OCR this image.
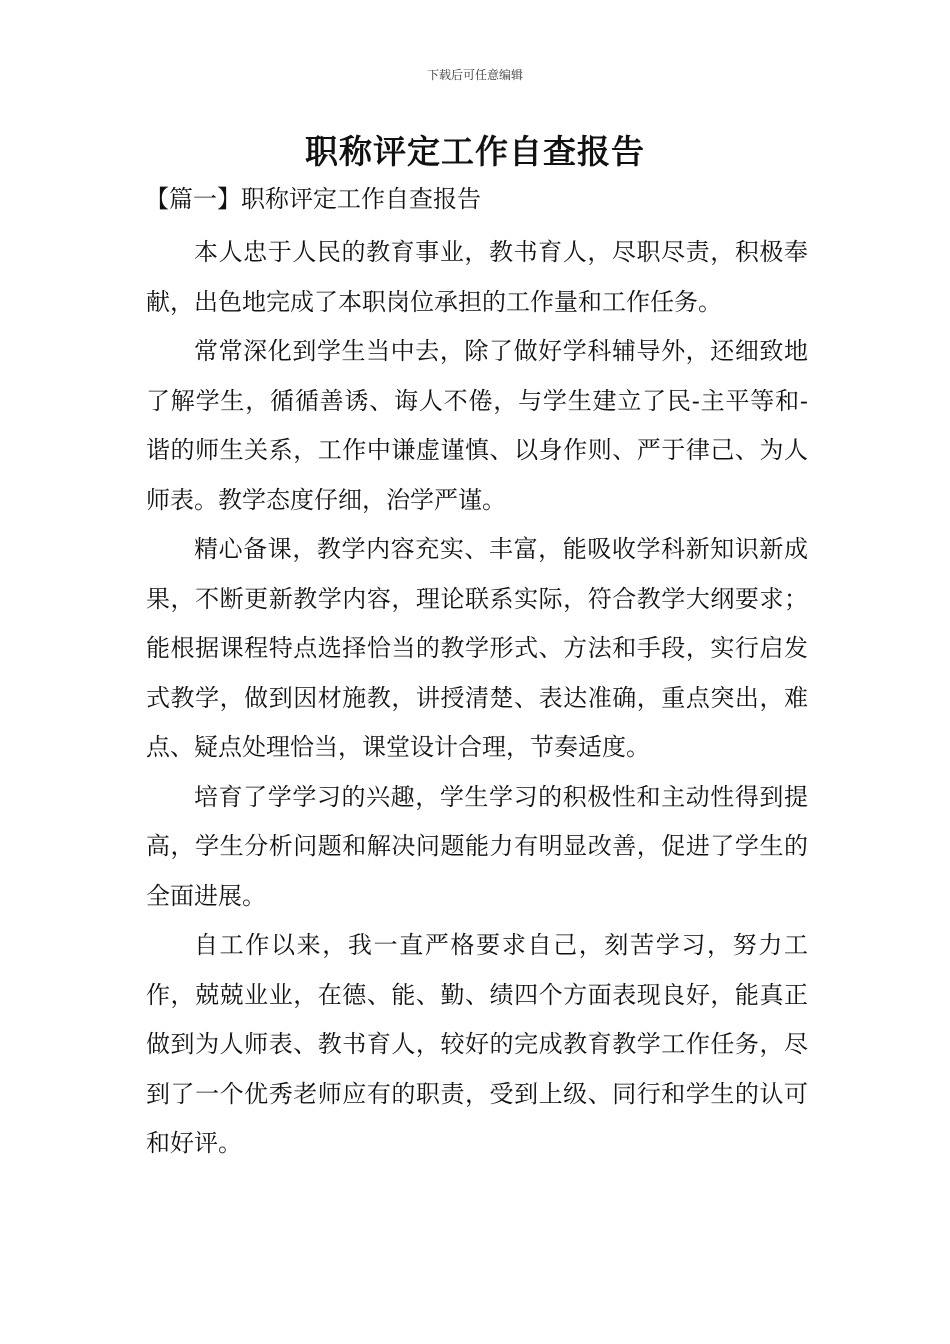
下载后可任意编辑
职称评定工作自查报告
【篇一】职称评定工作自查报告

本人忠于人民的教育事业，教书育人，尽职尽责，积极奉献，出色地完成了本职岗位承担的工作量和工作任务。

常常深化到学生当中去，除了做好学科辅导外，还细致地了解学生，循循善诱、诲人不倦，与学生建立了民-主平等和-谐的师生关系，工作中谦虚谨慎、以身作则、严于律己、为人师表。教学态度仔细，治学严谨。

精心备课，教学内容充实、丰富，能吸收学科新知识新成果，不断更新教学内容，理论联系实际，符合教学大纲要求；能根据课程特点选择恰当的教学形式、方法和手段，实行启发式教学，做到因材施教，讲授清楚、表达准确，重点突出，难点、疑点处理恰当，课堂设计合理，节奏适度。

培育了学学习的兴趣，学生学习的积极性和主动性得到提高，学生分析问题和解决问题能力有明显改善，促进了学生的全面进展。

自工作以来，我一直严格要求自己，刻苦学习，努力工作，兢兢业业，在德、能、勤、绩四个方面表现良好，能真正做到为人师表、教书育人，较好的完成教育教学工作任务，尽到了一个优秀老师应有的职责，受到上级、同行和学生的认可和好评。
